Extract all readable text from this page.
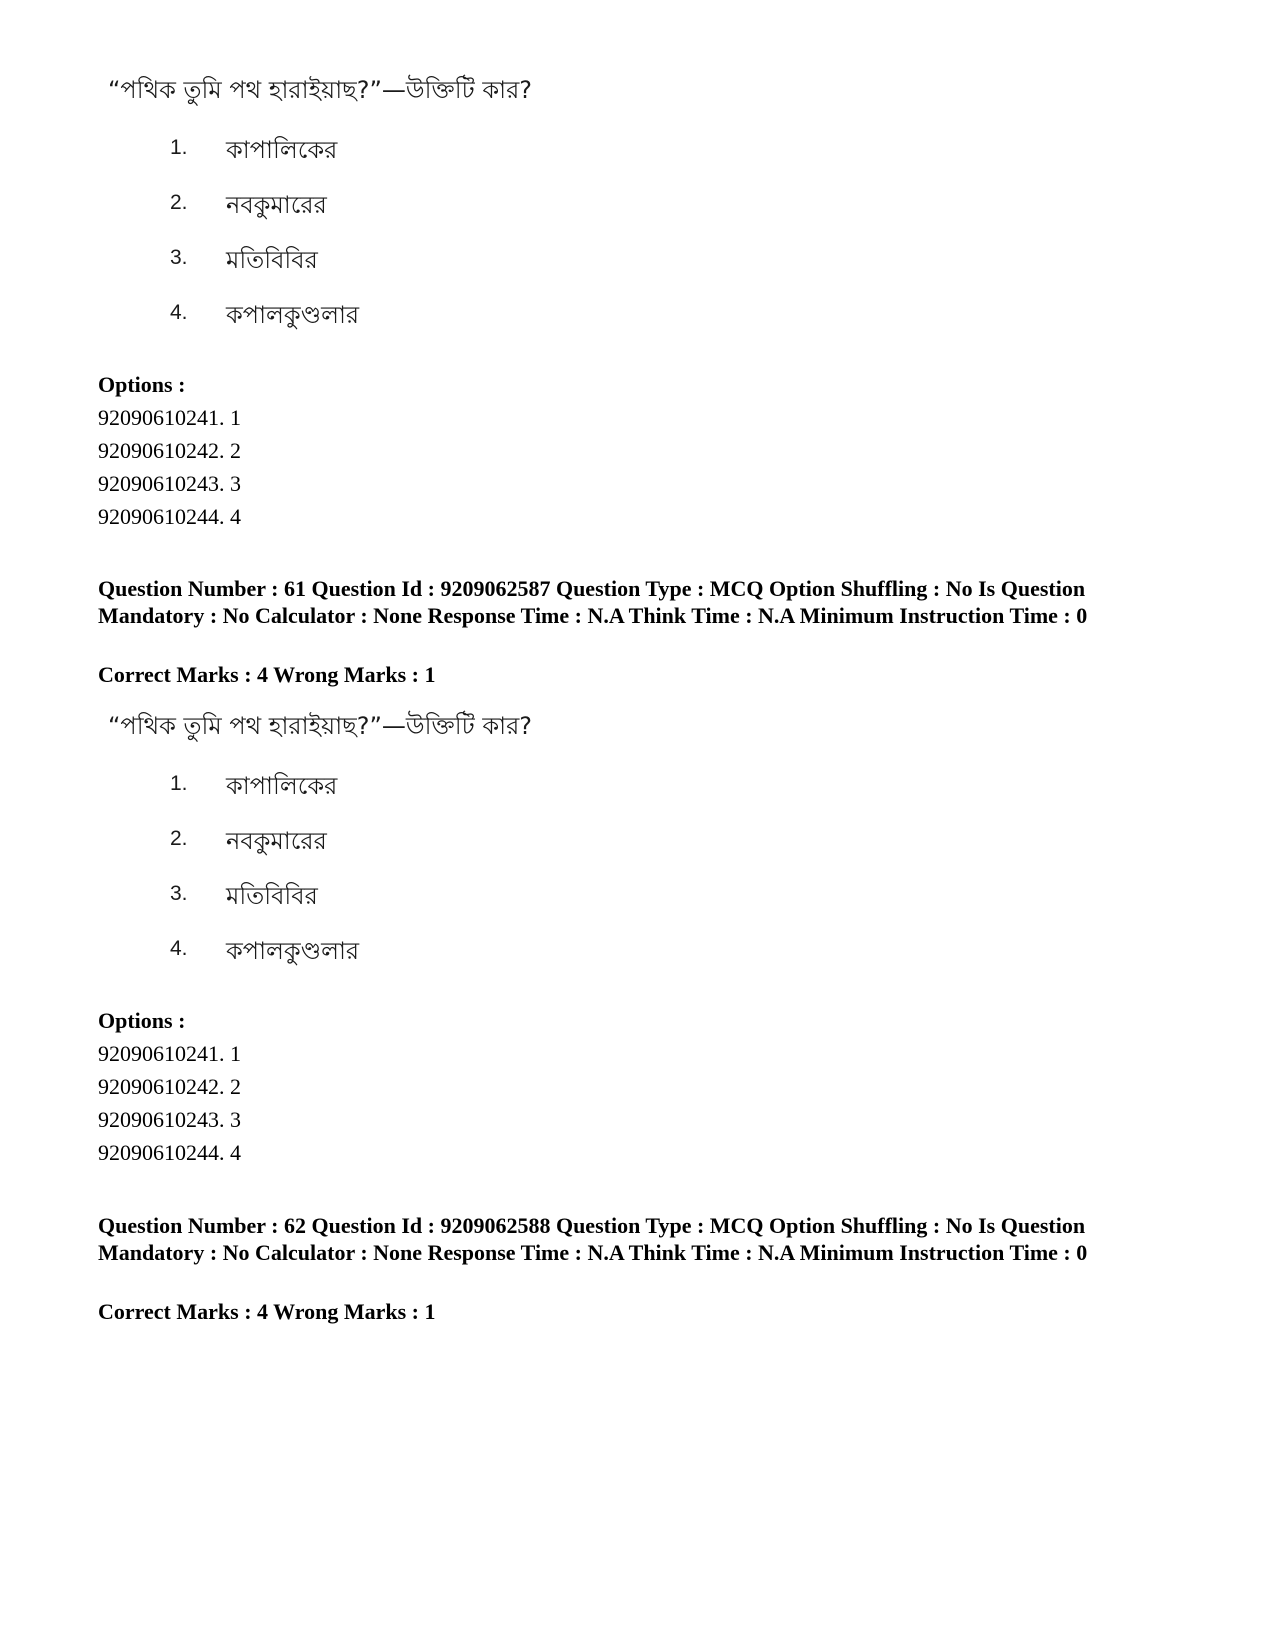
“পথিক তুমি পথ হারাইয়াছ?”—উক্তিটি কার?
1. কাপালিকের
2. নবকুমারের
3. মতিবিবির
4. কপালকুণ্ডলার
Options :
92090610241. 1
92090610242. 2
92090610243. 3
92090610244. 4
Question Number : 61 Question Id : 9209062587 Question Type : MCQ Option Shuffling : No Is Question Mandatory : No Calculator : None Response Time : N.A Think Time : N.A Minimum Instruction Time : 0
Correct Marks : 4 Wrong Marks : 1
“পথিক তুমি পথ হারাইয়াছ?”—উক্তিটি কার?
1. কাপালিকের
2. নবকুমারের
3. মতিবিবির
4. কপালকুণ্ডলার
Options :
92090610241. 1
92090610242. 2
92090610243. 3
92090610244. 4
Question Number : 62 Question Id : 9209062588 Question Type : MCQ Option Shuffling : No Is Question Mandatory : No Calculator : None Response Time : N.A Think Time : N.A Minimum Instruction Time : 0
Correct Marks : 4 Wrong Marks : 1
